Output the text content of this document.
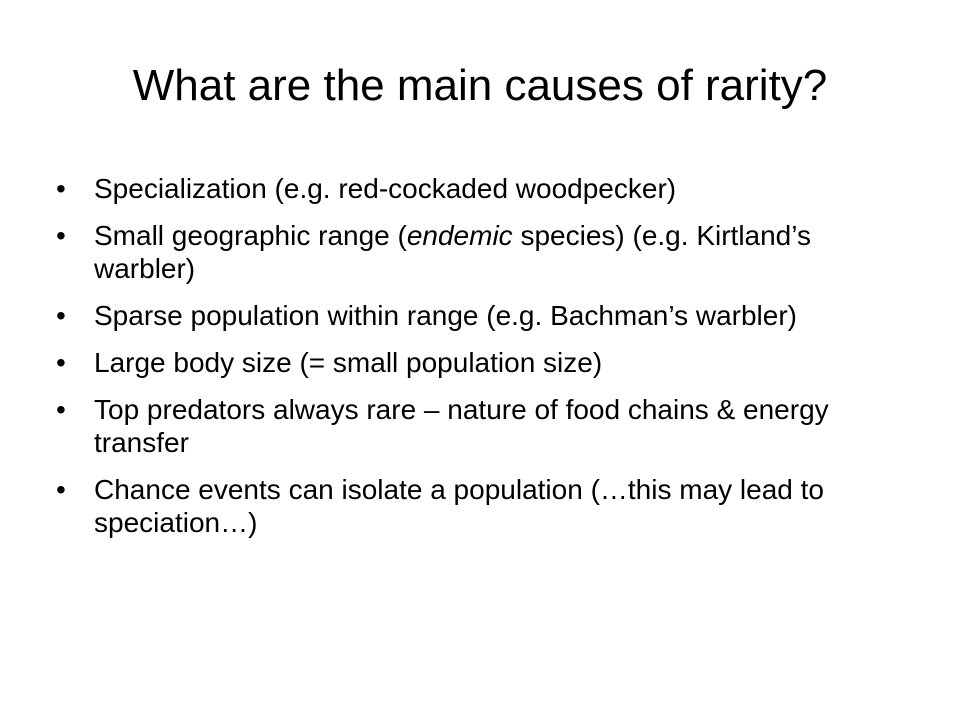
What are the main causes of rarity?
•	Specialization (e.g. red-cockaded woodpecker)
•	Small geographic range (endemic species) (e.g. Kirtland’s warbler)
•	Sparse population within range (e.g. Bachman’s warbler)
•	Large body size (= small population size)
•	Top predators always rare – nature of food chains & energy transfer
•	Chance events can isolate a population (…this may lead to speciation…)
